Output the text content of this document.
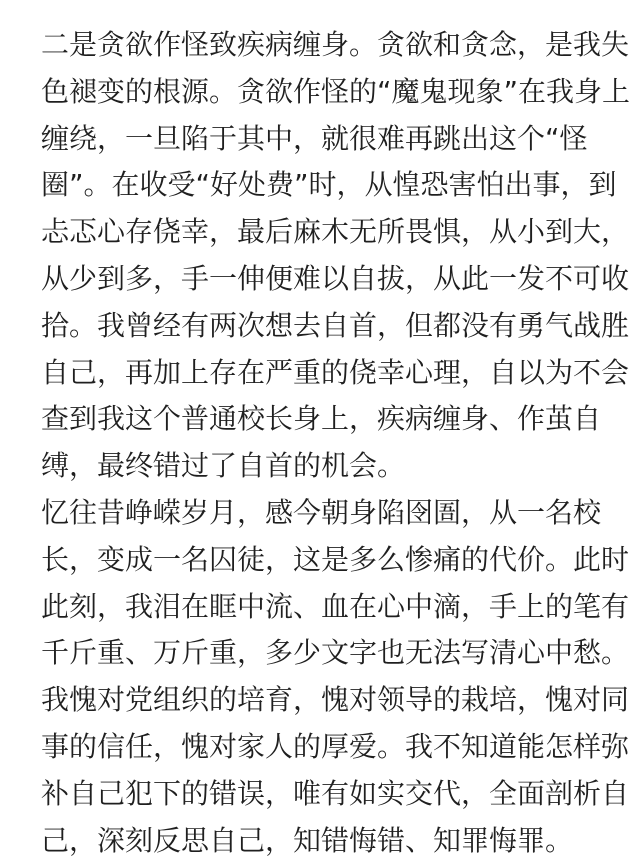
二是贪欲作怪致疾病缠身。贪欲和贪念，是我失
色褪变的根源。贪欲作怪的“魔鬼现象”在我身上
缠绕，一旦陷于其中，就很难再跳出这个“怪
圈”。在收受“好处费”时，从惶恐害怕出事，到
忐忑心存侥幸，最后麻木无所畏惧，从小到大，
从少到多，手一伸便难以自拔，从此一发不可收
拾。我曾经有两次想去自首，但都没有勇气战胜
自己，再加上存在严重的侥幸心理，自以为不会
查到我这个普通校长身上，疾病缠身、作茧自
缚，最终错过了自首的机会。
忆往昔峥嵘岁月，感今朝身陷囹圄，从一名校
长，变成一名囚徒，这是多么惨痛的代价。此时
此刻，我泪在眶中流、血在心中滴，手上的笔有
千斤重、万斤重，多少文字也无法写清心中愁。
我愧对党组织的培育，愧对领导的栽培，愧对同
事的信任，愧对家人的厚爱。我不知道能怎样弥
补自己犯下的错误，唯有如实交代，全面剖析自
己，深刻反思自己，知错悔错、知罪悔罪。
